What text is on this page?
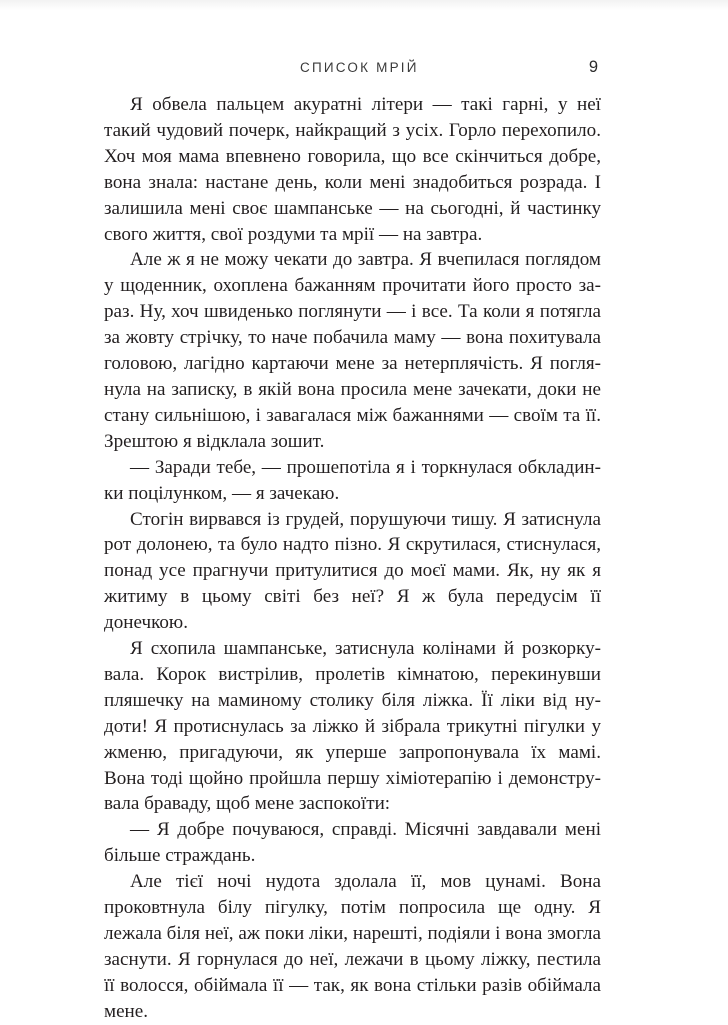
СПИСОК МРІЙ	9

Я обвела пальцем акуратні літери — такі гарні, у неї такий чудовий почерк, найкращий з усіх. Горло перехопило. Хоч моя мама впевнено говорила, що все скінчиться добре, вона знала: настане день, коли мені знадобиться розрада. І залишила мені своє шампанське — на сьогодні, й частинку свого життя, свої роздуми та мрії — на завтра.

Але ж я не можу чекати до завтра. Я вчепилася поглядом у щоденник, охоплена бажанням прочитати його просто зараз. Ну, хоч швиденько поглянути — і все. Та коли я потягла за жовту стрічку, то наче побачила маму — вона похитувала головою, лагідно картаючи мене за нетерплячість. Я поглянула на записку, в якій вона просила мене зачекати, доки не стану сильнішою, і завагалася між бажаннями — своїм та її. Зрештою я відклала зошит.

— Заради тебе, — прошепотіла я і торкнулася обкладинки поцілунком, — я зачекаю.

Стогін вирвався із грудей, порушуючи тишу. Я затиснула рот долонею, та було надто пізно. Я скрутилася, стиснулася, понад усе прагнучи притулитися до моєї мами. Як, ну як я житиму в цьому світі без неї? Я ж була передусім її донечкою.

Я схопила шампанське, затиснула колінами й розкоркувала. Корок вистрілив, пролетів кімнатою, перекинувши пляшечку на маминому столику біля ліжка. Її ліки від нудоти! Я протиснулась за ліжко й зібрала трикутні пігулки у жменю, пригадуючи, як уперше запропонувала їх мамі. Вона тоді щойно пройшла першу хіміотерапію і демонструвала браваду, щоб мене заспокоїти:

— Я добре почуваюся, справді. Місячні завдавали мені більше страждань.

Але тієї ночі нудота здолала її, мов цунамі. Вона проковтнула білу пігулку, потім попросила ще одну. Я лежала біля неї, аж поки ліки, нарешті, подіяли і вона змогла заснути. Я горнулася до неї, лежачи в цьому ліжку, пестила її волосся, обіймала її — так, як вона стільки разів обіймала мене.
